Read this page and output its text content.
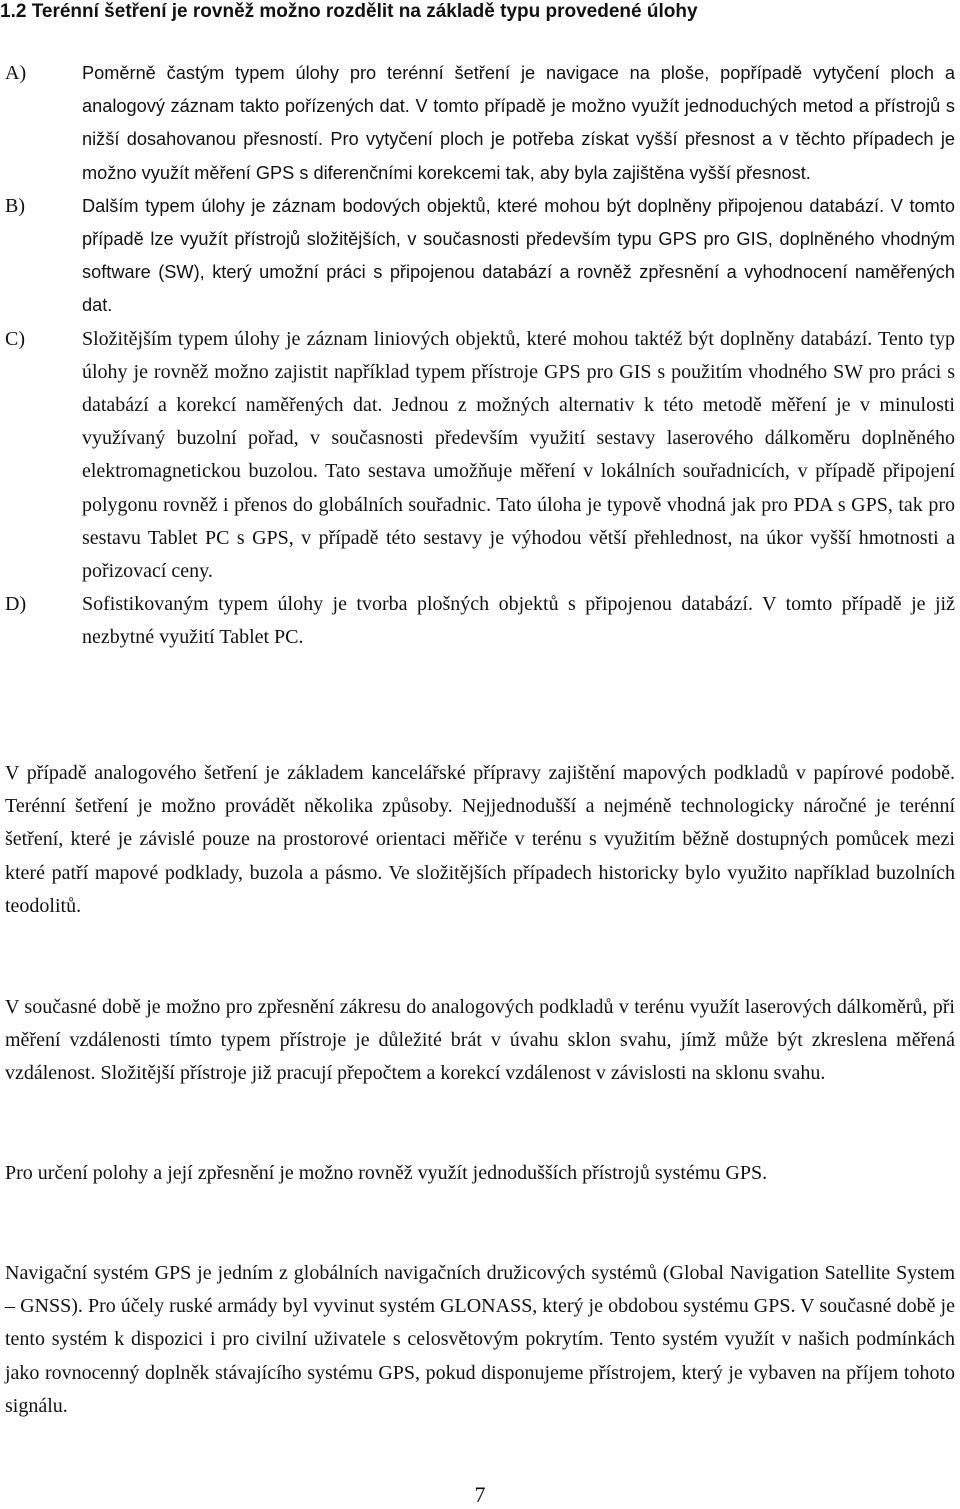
1.2 Terénní šetření je rovněž možno rozdělit na základě typu provedené úlohy
A)	Poměrně častým typem úlohy pro terénní šetření je navigace na ploše, popřípadě vytyčení ploch a analogový záznam takto pořízených dat. V tomto případě je možno využít jednoduchých metod a přístrojů s nižší dosahovanou přesností. Pro vytyčení ploch je potřeba získat vyšší přesnost a v těchto případech je možno využít měření GPS s diferenčními korekcemi tak, aby byla zajištěna vyšší přesnost.

B)	Dalším typem úlohy je záznam bodových objektů, které mohou být doplněny připojenou databází. V tomto případě lze využít přístrojů složitějších, v současnosti především typu GPS pro GIS, doplněného vhodným software (SW), který umožní práci s připojenou databází a rovněž zpřesnění a vyhodnocení naměřených dat.

C)	Složitějším typem úlohy je záznam liniových objektů, které mohou taktéž být doplněny databází. Tento typ úlohy je rovněž možno zajistit například typem přístroje GPS pro GIS s použitím vhodného SW pro práci s databází a korekcí naměřených dat. Jednou z možných alternativ k této metodě měření je v minulosti využívaný buzolní pořad, v současnosti především využití sestavy laserového dálkoměru doplněného elektromagnetickou buzolou. Tato sestava umožňuje měření v lokálních souřadnicích, v případě připojení polygonu rovněž i přenos do globálních souřadnic. Tato úloha je typově vhodná jak pro PDA s GPS, tak pro sestavu Tablet PC s GPS, v případě této sestavy je výhodou větší přehlednost, na úkor vyšší hmotnosti a pořizovací ceny.

D)	Sofistikovaným typem úlohy je tvorba plošných objektů s připojenou databází. V tomto případě je již nezbytné využití Tablet PC.

V případě analogového šetření je základem kancelářské přípravy zajištění mapových podkladů v papírové podobě. Terénní šetření je možno provádět několika způsoby. Nejjednodušší a nejméně technologicky náročné je terénní šetření, které je závislé pouze na prostorové orientaci měřiče v terénu s využitím běžně dostupných pomůcek mezi které patří mapové podklady, buzola a pásmo. Ve složitějších případech historicky bylo využito například buzolních teodolitů.

V současné době je možno pro zpřesnění zákresu do analogových podkladů v terénu využít laserových dálkoměrů, při měření vzdálenosti tímto typem přístroje je důležité brát v úvahu sklon svahu, jímž může být zkreslena měřená vzdálenost. Složitější přístroje již pracují přepočtem a korekcí vzdálenost v závislosti na sklonu svahu.

Pro určení polohy a její zpřesnění je možno rovněž využít jednodušších přístrojů systému GPS.

Navigační systém GPS je jedním z globálních navigačních družicových systémů (Global Navigation Satellite System – GNSS). Pro účely ruské armády byl vyvinut systém GLONASS, který je obdobou systému GPS. V současné době je tento systém k dispozici i pro civilní uživatele s celosvětovým pokrytím. Tento systém využít v našich podmínkách jako rovnocenný doplněk stávajícího systému GPS, pokud disponujeme přístrojem, který je vybaven na příjem tohoto signálu.

7
